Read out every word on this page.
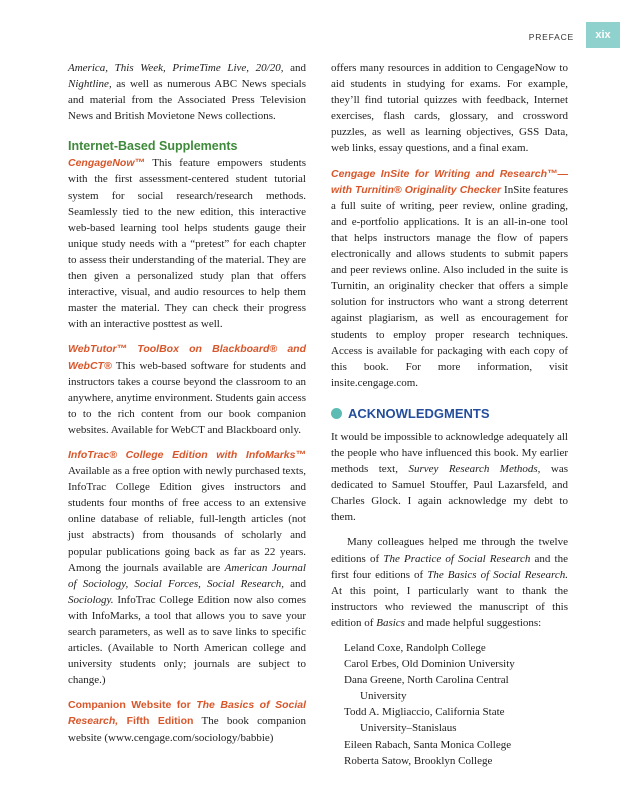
PREFACE	xix

America, This Week, PrimeTime Live, 20/20, and Nightline, as well as numerous ABC News specials and material from the Associated Press Television News and British Movietone News collections.

Internet-Based Supplements

CengageNow™ This feature empowers students with the first assessment-centered student tutorial system for social research/research methods. Seamlessly tied to the new edition, this interactive web-based learning tool helps students gauge their unique study needs with a “pretest” for each chapter to assess their understanding of the material. They are then given a personalized study plan that offers interactive, visual, and audio resources to help them master the material. They can check their progress with an interactive posttest as well.

WebTutor™ ToolBox on Blackboard® and WebCT® This web-based software for students and instructors takes a course beyond the classroom to an anywhere, anytime environment. Students gain access to to the rich content from our book companion websites. Available for WebCT and Blackboard only.

InfoTrac® College Edition with InfoMarks™ Available as a free option with newly purchased texts, InfoTrac College Edition gives instructors and students four months of free access to an extensive online database of reliable, full-length articles (not just abstracts) from thousands of scholarly and popular publications going back as far as 22 years. Among the journals available are American Journal of Sociology, Social Forces, Social Research, and Sociology. InfoTrac College Edition now also comes with InfoMarks, a tool that allows you to save your search parameters, as well as to save links to specific articles. (Available to North American college and university students only; journals are subject to change.)

Companion Website for The Basics of Social Research, Fifth Edition The book companion website (www.cengage.com/sociology/babbie)

offers many resources in addition to CengageNow to aid students in studying for exams. For example, they’ll find tutorial quizzes with feedback, Internet exercises, flash cards, glossary, and crossword puzzles, as well as learning objectives, GSS Data, web links, essay questions, and a final exam.

Cengage InSite for Writing and Research™—with Turnitin® Originality Checker InSite features a full suite of writing, peer review, online grading, and e-portfolio applications. It is an all-in-one tool that helps instructors manage the flow of papers electronically and allows students to submit papers and peer reviews online. Also included in the suite is Turnitin, an originality checker that offers a simple solution for instructors who want a strong deterrent against plagiarism, as well as encouragement for students to employ proper research techniques. Access is available for packaging with each copy of this book. For more information, visit insite.cengage.com.

ACKNOWLEDGMENTS

It would be impossible to acknowledge adequately all the people who have influenced this book. My earlier methods text, Survey Research Methods, was dedicated to Samuel Stouffer, Paul Lazarsfeld, and Charles Glock. I again acknowledge my debt to them.

Many colleagues helped me through the twelve editions of The Practice of Social Research and the first four editions of The Basics of Social Research. At this point, I particularly want to thank the instructors who reviewed the manuscript of this edition of Basics and made helpful suggestions:

Leland Coxe, Randolph College
Carol Erbes, Old Dominion University
Dana Greene, North Carolina Central
University
Todd A. Migliaccio, California State
University–Stanislaus
Eileen Rabach, Santa Monica College
Roberta Satow, Brooklyn College
